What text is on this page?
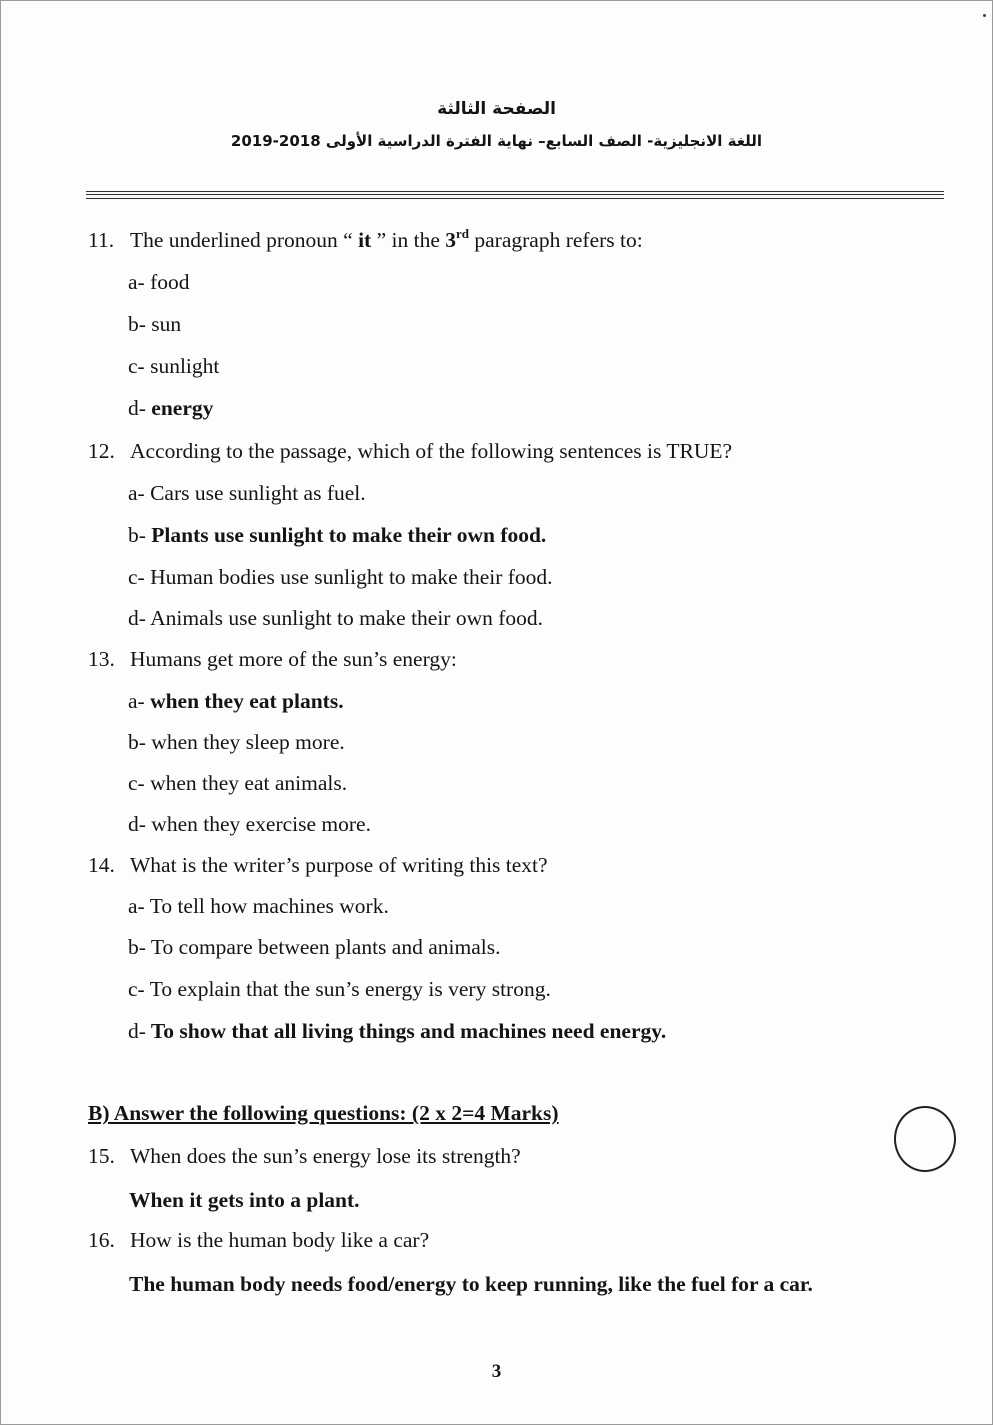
الصفحة الثالثة
اللغة الانجليزية- الصف السابع– نهاية الفترة الدراسية الأولى 2019-2018
11. The underlined pronoun “ it ” in the 3rd paragraph refers to:
a- food
b- sun
c- sunlight
d- energy
12. According to the passage, which of the following sentences is TRUE?
a- Cars use sunlight as fuel.
b- Plants use sunlight to make their own food.
c- Human bodies use sunlight to make their food.
d- Animals use sunlight to make their own food.
13. Humans get more of the sun’s energy:
a- when they eat plants.
b- when they sleep more.
c- when they eat animals.
d- when they exercise more.
14. What is the writer’s purpose of writing this text?
a- To tell how machines work.
b- To compare between plants and animals.
c- To explain that the sun’s energy is very strong.
d- To show that all living things and machines need energy.
B) Answer the following questions: (2 x 2=4 Marks)
15. When does the sun’s energy lose its strength?
When it gets into a plant.
16. How is the human body like a car?
The human body needs food/energy to keep running, like the fuel for a car.
3
